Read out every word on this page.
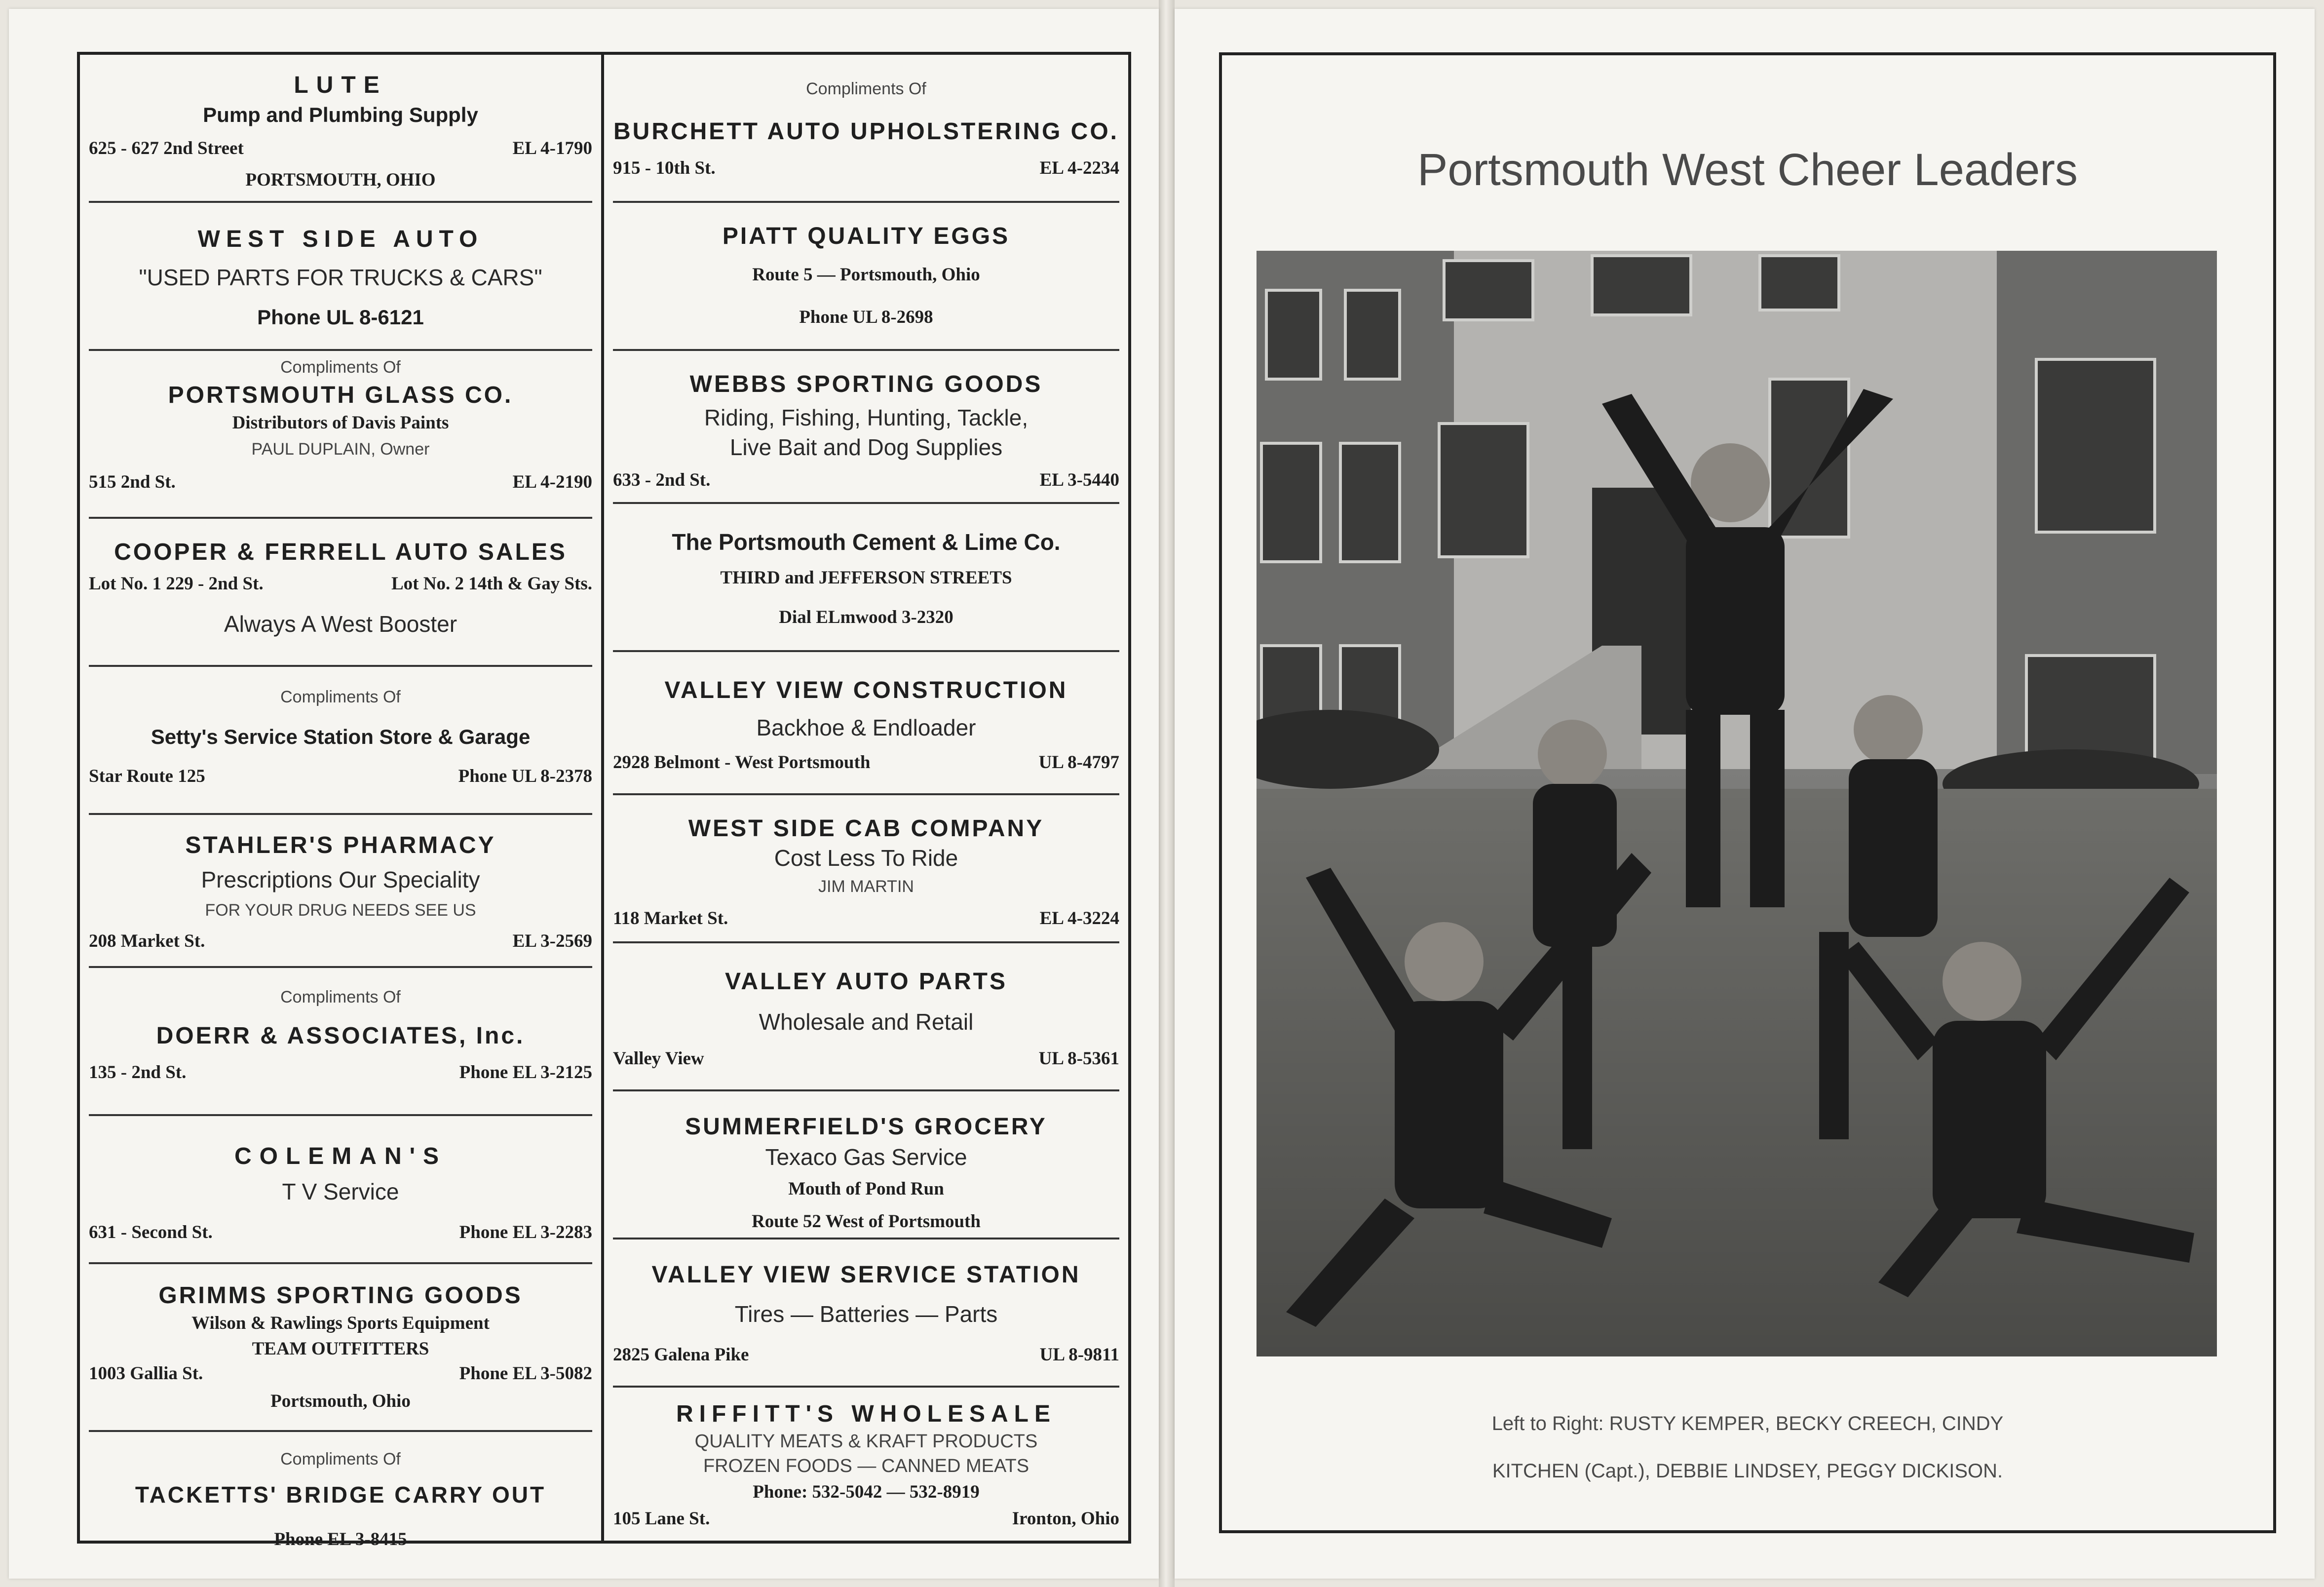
LUTE
Pump and Plumbing Supply
625 - 627 2nd Street	EL 4-1790
PORTSMOUTH, OHIO
WEST SIDE AUTO
"USED PARTS FOR TRUCKS & CARS"
Phone UL 8-6121
Compliments Of
PORTSMOUTH GLASS CO.
Distributors of Davis Paints
PAUL DUPLAIN, Owner
515 2nd St.	EL 4-2190
COOPER & FERRELL AUTO SALES
Lot No. 1 229 - 2nd St.	Lot No. 2 14th & Gay Sts.
Always A West Booster
Compliments Of
Setty's Service Station Store & Garage
Star Route 125	Phone UL 8-2378
STAHLER'S PHARMACY
Prescriptions Our Speciality
FOR YOUR DRUG NEEDS SEE US
208 Market St.	EL 3-2569
Compliments Of
DOERR & ASSOCIATES, Inc.
135 - 2nd St.	Phone EL 3-2125
COLEMAN'S
T V Service
631 - Second St.	Phone EL 3-2283
GRIMMS SPORTING GOODS
Wilson & Rawlings Sports Equipment
TEAM OUTFITTERS
1003 Gallia St.	Phone EL 3-5082
Portsmouth, Ohio
Compliments Of
TACKETTS' BRIDGE CARRY OUT
Phone EL 3-8415
Compliments Of
BURCHETT AUTO UPHOLSTERING CO.
915 - 10th St.	EL 4-2234
PIATT QUALITY EGGS
Route 5 — Portsmouth, Ohio
Phone UL 8-2698
WEBBS SPORTING GOODS
Riding, Fishing, Hunting, Tackle,
Live Bait and Dog Supplies
633 - 2nd St.	EL 3-5440
The Portsmouth Cement & Lime Co.
THIRD and JEFFERSON STREETS
Dial ELmwood 3-2320
VALLEY VIEW CONSTRUCTION
Backhoe & Endloader
2928 Belmont - West Portsmouth	UL 8-4797
WEST SIDE CAB COMPANY
Cost Less To Ride
JIM MARTIN
118 Market St.	EL 4-3224
VALLEY AUTO PARTS
Wholesale and Retail
Valley View	UL 8-5361
SUMMERFIELD'S GROCERY
Texaco Gas Service
Mouth of Pond Run
Route 52 West of Portsmouth
VALLEY VIEW SERVICE STATION
Tires — Batteries — Parts
2825 Galena Pike	UL 8-9811
RIFFITT'S WHOLESALE
QUALITY MEATS & KRAFT PRODUCTS
FROZEN FOODS — CANNED MEATS
Phone: 532-5042 — 532-8919
105 Lane St.	Ironton, Ohio
Portsmouth West Cheer Leaders
Left to Right: RUSTY KEMPER, BECKY CREECH, CINDY
KITCHEN (Capt.), DEBBIE LINDSEY, PEGGY DICKISON.
